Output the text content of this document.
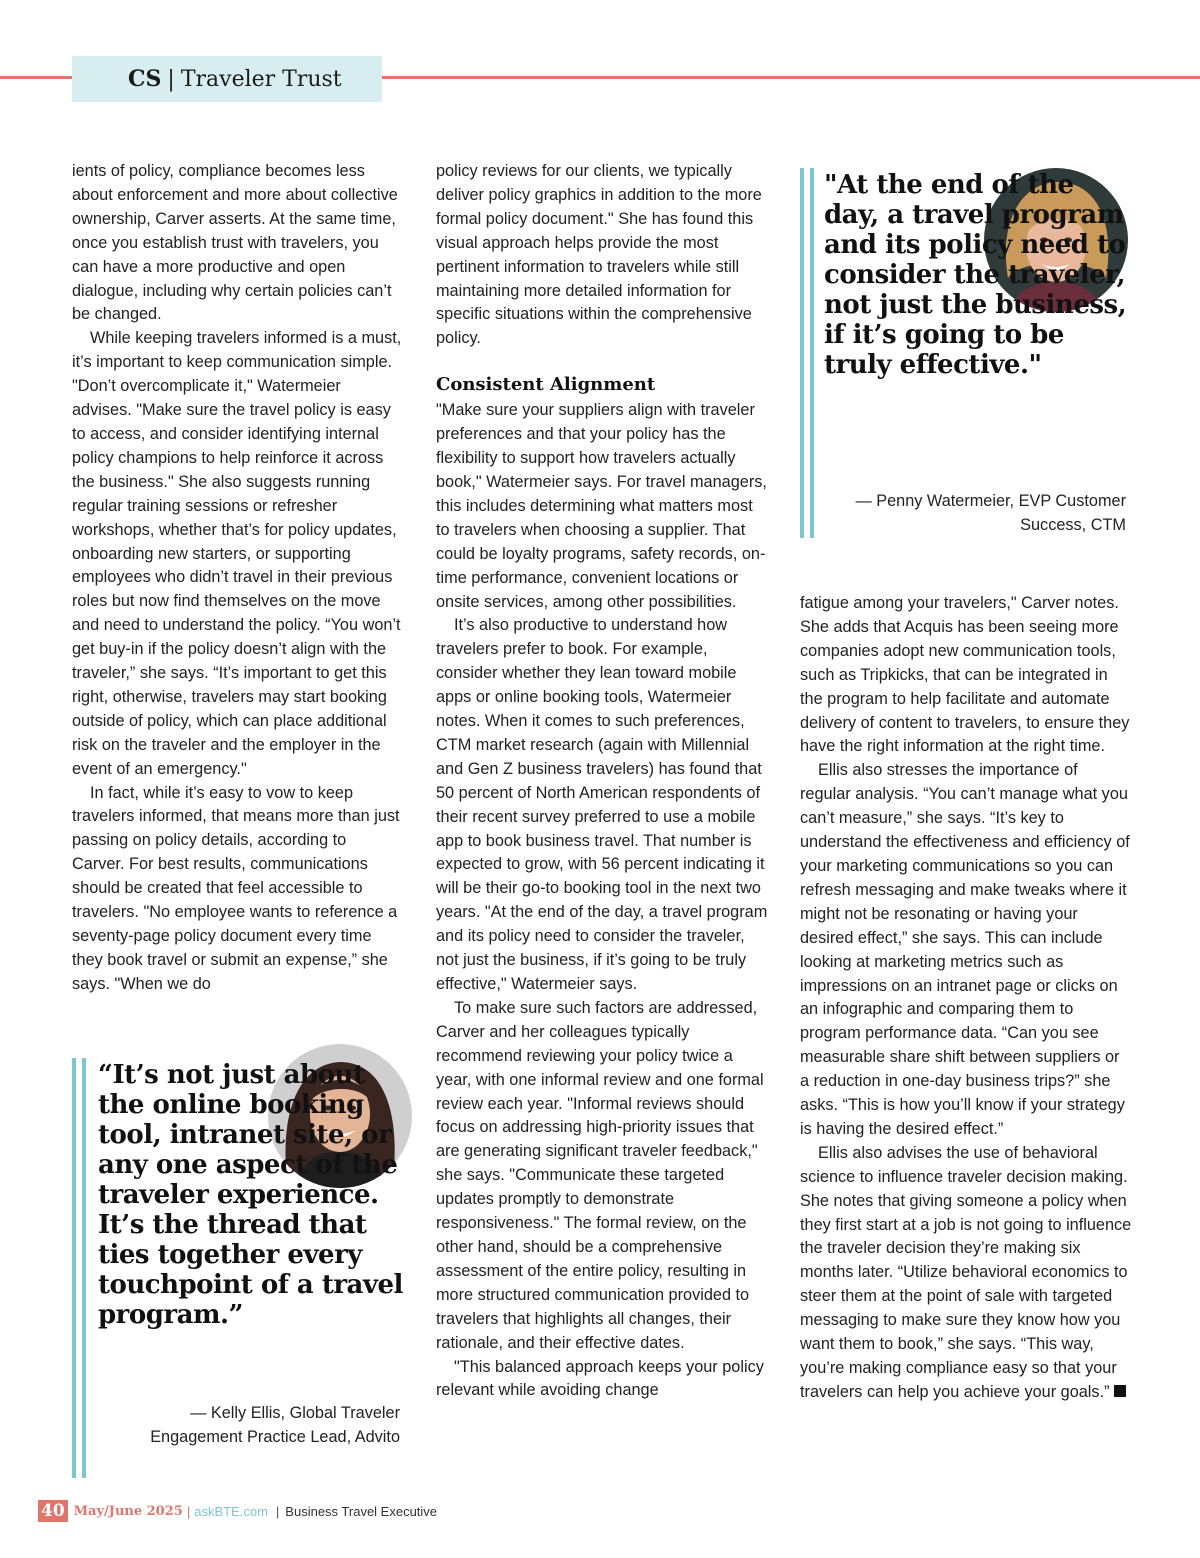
CS | Traveler Trust

ients of policy, compliance becomes less about enforcement and more about collective ownership, Carver asserts. At the same time, once you establish trust with travelers, you can have a more productive and open dialogue, including why certain policies can’t be changed.

While keeping travelers informed is a must, it’s important to keep communication simple. "Don’t overcomplicate it," Watermeier advises. "Make sure the travel policy is easy to access, and consider identifying internal policy champions to help reinforce it across the business." She also suggests running regular training sessions or refresher workshops, whether that’s for policy updates, onboarding new starters, or supporting employees who didn’t travel in their previous roles but now find themselves on the move and need to understand the policy. “You won’t get buy-in if the policy doesn’t align with the traveler,” she says. “It’s important to get this right, otherwise, travelers may start booking outside of policy, which can place additional risk on the traveler and the employer in the event of an emergency."

In fact, while it’s easy to vow to keep travelers informed, that means more than just passing on policy details, according to Carver. For best results, communications should be created that feel accessible to travelers. "No employee wants to reference a seventy-page policy document every time they book travel or submit an expense,” she says. "When we do

“It’s not just about the online booking tool, intranet site, or any one aspect of the traveler experience. It’s the thread that ties together every touchpoint of a travel program.”
— Kelly Ellis, Global Traveler Engagement Practice Lead, Advito

policy reviews for our clients, we typically deliver policy graphics in addition to the more formal policy document." She has found this visual approach helps provide the most pertinent information to travelers while still maintaining more detailed information for specific situations within the comprehensive policy.

Consistent Alignment

"Make sure your suppliers align with traveler preferences and that your policy has the flexibility to support how travelers actually book," Watermeier says. For travel managers, this includes determining what matters most to travelers when choosing a supplier. That could be loyalty programs, safety records, on-time performance, convenient locations or onsite services, among other possibilities.

It’s also productive to understand how travelers prefer to book. For example, consider whether they lean toward mobile apps or online booking tools, Watermeier notes. When it comes to such preferences, CTM market research (again with Millennial and Gen Z business travelers) has found that 50 percent of North American respondents of their recent survey preferred to use a mobile app to book business travel. That number is expected to grow, with 56 percent indicating it will be their go-to booking tool in the next two years. "At the end of the day, a travel program and its policy need to consider the traveler, not just the business, if it’s going to be truly effective," Watermeier says.

To make sure such factors are addressed, Carver and her colleagues typically recommend reviewing your policy twice a year, with one informal review and one formal review each year. "Informal reviews should focus on addressing high-priority issues that are generating significant traveler feedback," she says. "Communicate these targeted updates promptly to demonstrate responsiveness." The formal review, on the other hand, should be a comprehensive assessment of the entire policy, resulting in more structured communication provided to travelers that highlights all changes, their rationale, and their effective dates.

"This balanced approach keeps your policy relevant while avoiding change

"At the end of the day, a travel program and its policy need to consider the traveler, not just the business, if it’s going to be truly effective."
— Penny Watermeier, EVP Customer Success, CTM

fatigue among your travelers," Carver notes. She adds that Acquis has been seeing more companies adopt new communication tools, such as Tripkicks, that can be integrated in the program to help facilitate and automate delivery of content to travelers, to ensure they have the right information at the right time.

Ellis also stresses the importance of regular analysis. “You can’t manage what you can’t measure,” she says. “It’s key to understand the effectiveness and efficiency of your marketing communications so you can refresh messaging and make tweaks where it might not be resonating or having your desired effect,” she says. This can include looking at marketing metrics such as impressions on an intranet page or clicks on an infographic and comparing them to program performance data. “Can you see measurable share shift between suppliers or a reduction in one-day business trips?” she asks. “This is how you’ll know if your strategy is having the desired effect.”

Ellis also advises the use of behavioral science to influence traveler decision making. She notes that giving someone a policy when they first start at a job is not going to influence the traveler decision they’re making six months later. “Utilize behavioral economics to steer them at the point of sale with targeted messaging to make sure they know how you want them to book,” she says. “This way, you’re making compliance easy so that your travelers can help you achieve your goals.”

40 May/June 2025 | askBTE.com | Business Travel Executive
